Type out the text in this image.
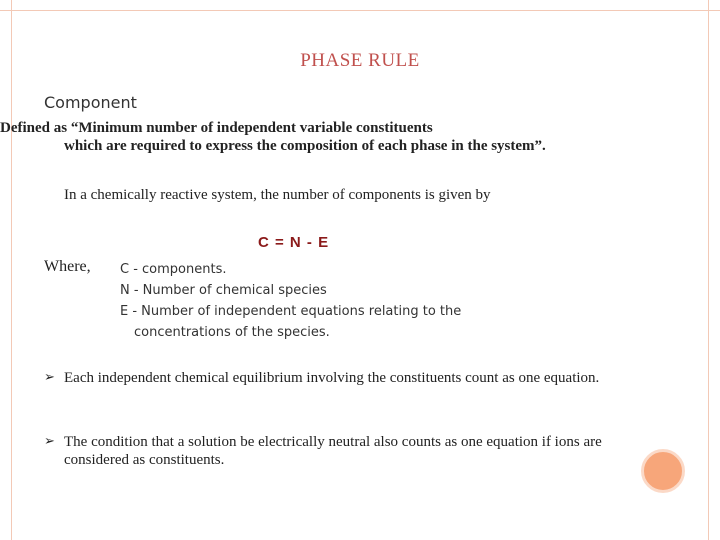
PHASE RULE
Component
Defined as “Minimum number of independent variable constituents
which are required to express the composition of each phase in the system”.
In a chemically reactive system, the number of components is given by
C = N - E
Where, C - components.
N - Number of chemical species
E - Number of independent equations relating to the
concentrations of the species.
➢ Each independent chemical equilibrium involving the constituents count as one equation.
➢ The condition that a solution be electrically neutral also counts as one equation if ions are considered as constituents.
